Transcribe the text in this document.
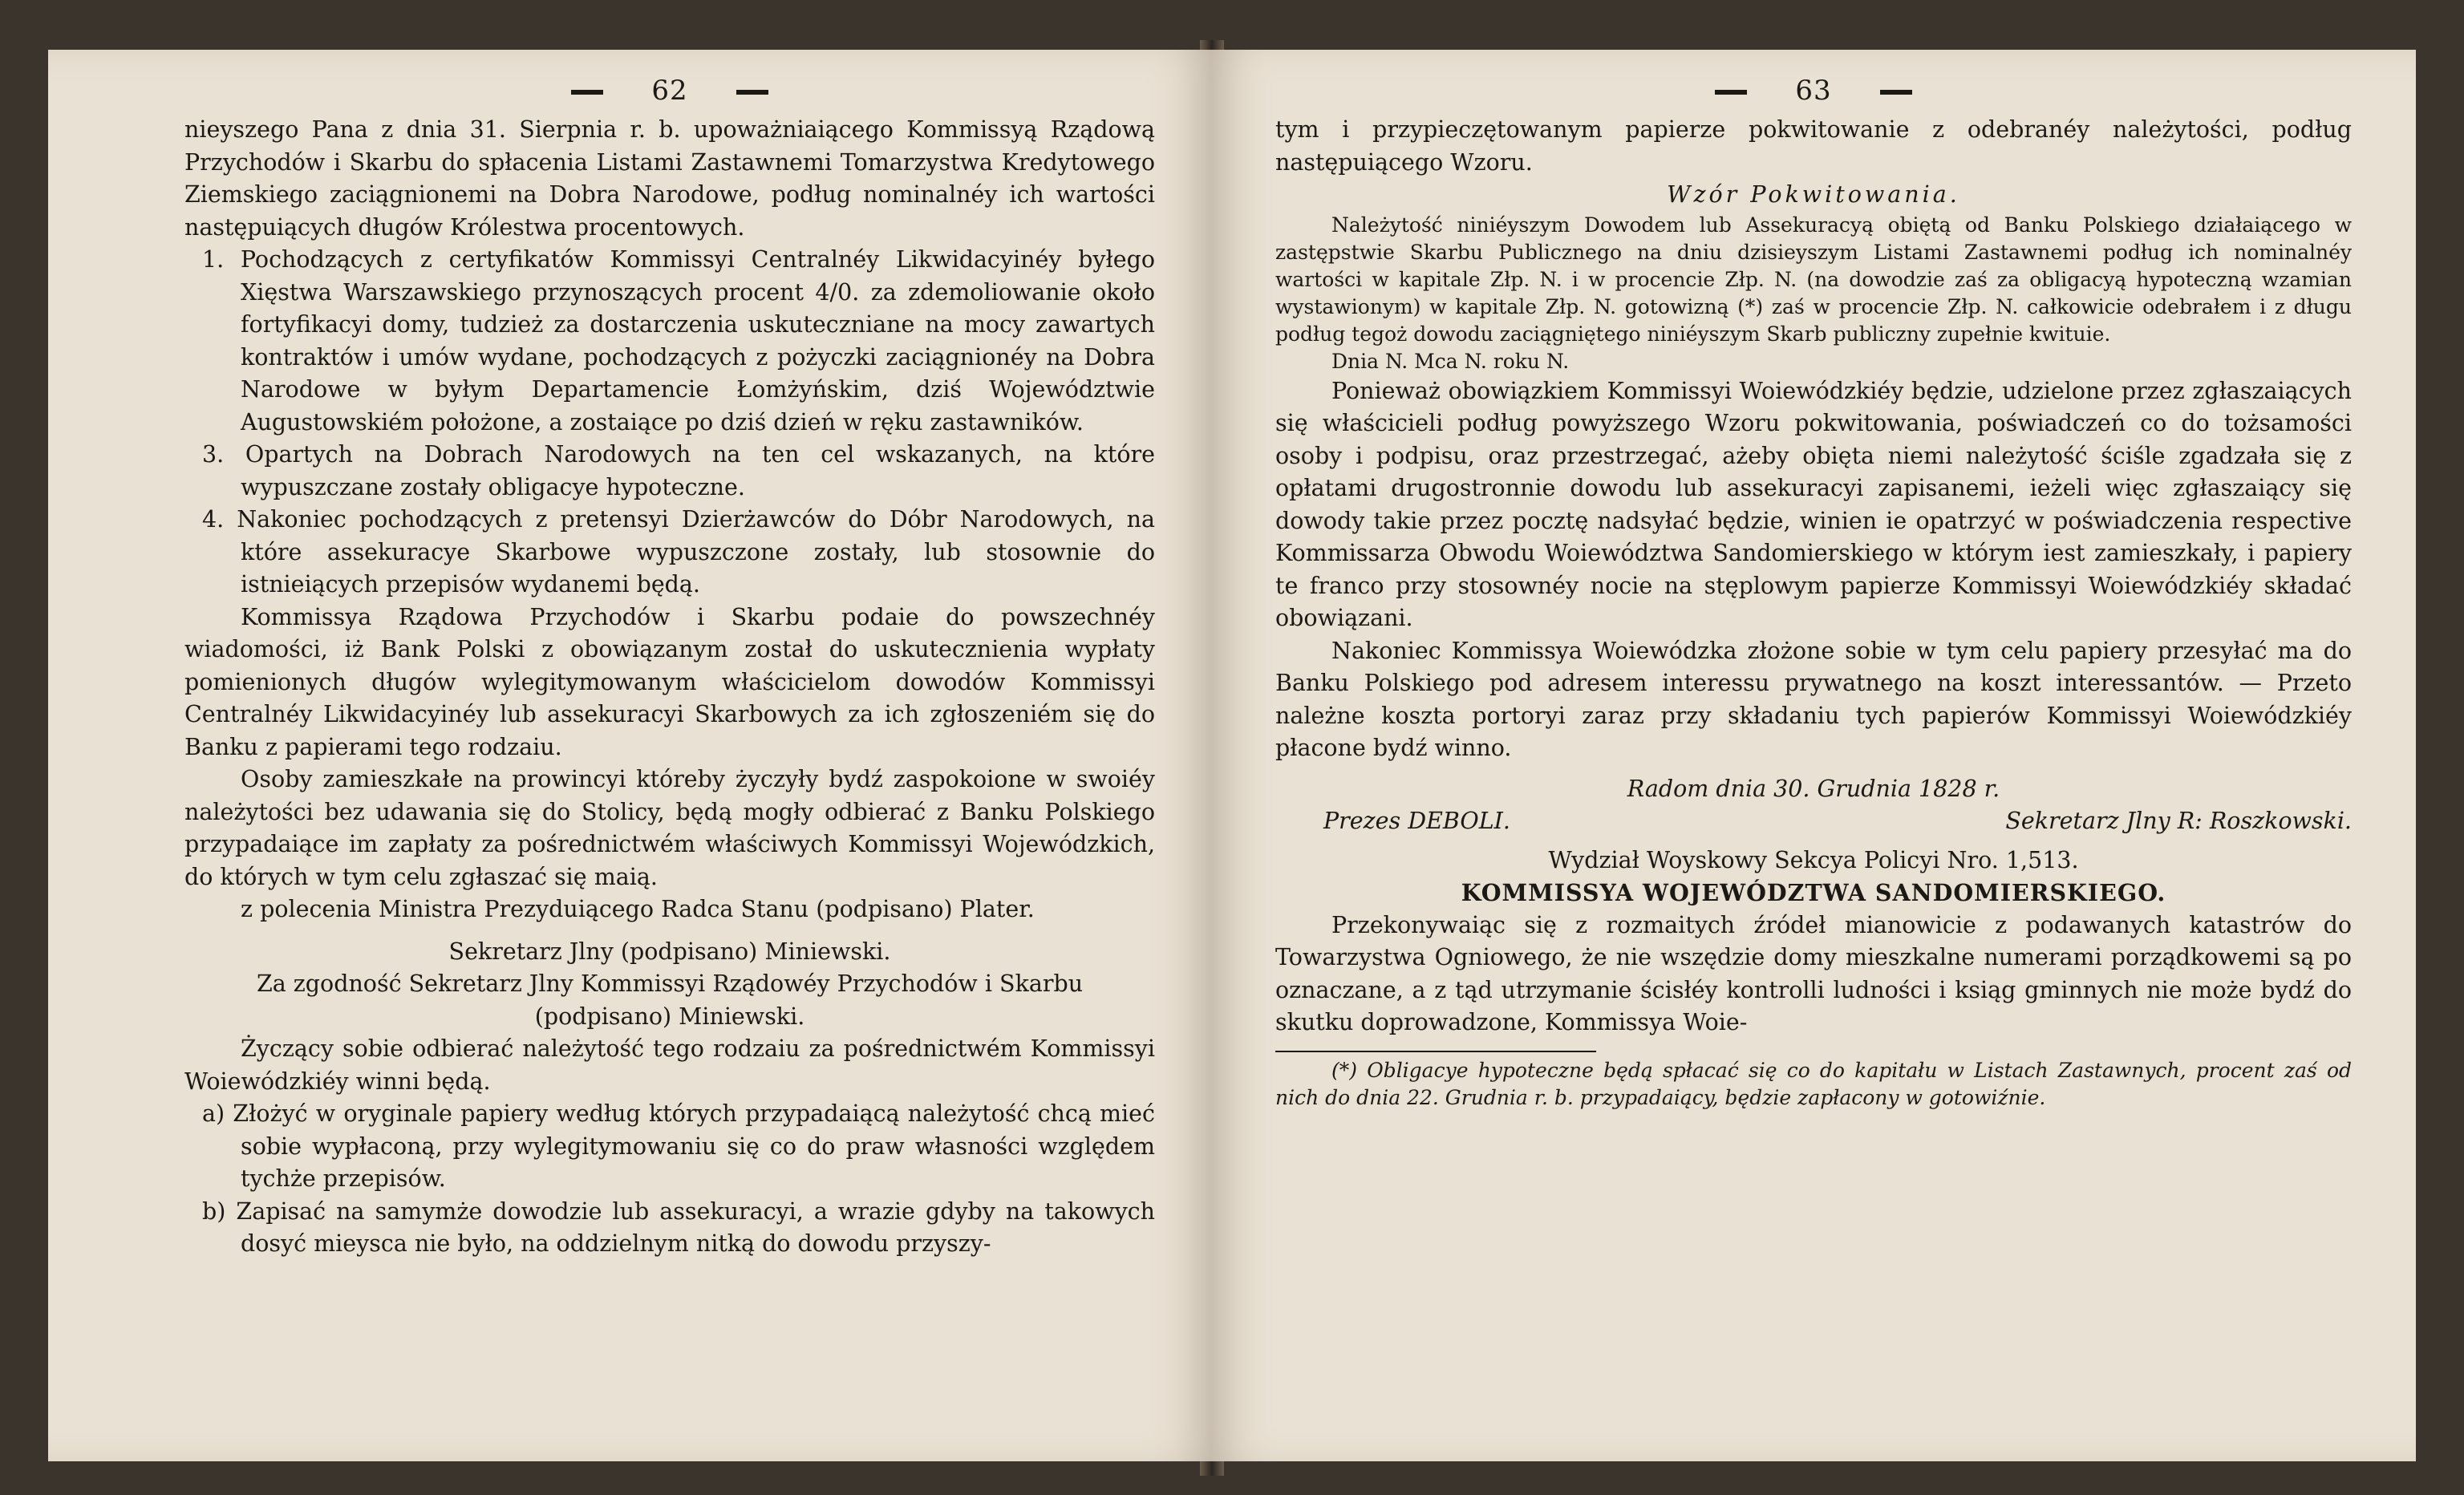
62

nieyszego Pana z dnia 31. Sierpnia r. b. upoważniaiącego Kommissyą Rządową Przychodów i Skarbu do spłacenia Listami Zastawnemi Tomarzystwa Kredytowego Ziemskiego zaciągnionemi na Dobra Narodowe, podług nominalnéy ich wartości następuiących długów Królestwa procentowych.

1. Pochodzących z certyfikatów Kommissyi Centralnéy Likwidacyinéy byłego Xięstwa Warszawskiego przynoszących procent 4/0. za zdemoliowanie około fortyfikacyi domy, tudzież za dostarczenia uskuteczniane na mocy zawartych kontraktów i umów wydane, pochodzących z pożyczki zaciągnionéy na Dobra Narodowe w byłym Departamencie Łomżyńskim, dziś Województwie Augustowskiém położone, a zostaiące po dziś dzień w ręku zastawników.

3. Opartych na Dobrach Narodowych na ten cel wskazanych, na które wypuszczane zostały obligacye hypoteczne.

4. Nakoniec pochodzących z pretensyi Dzierżawców do Dóbr Narodowych, na które assekuracye Skarbowe wypuszczone zostały, lub stosownie do istnieiących przepisów wydanemi będą.

Kommissya Rządowa Przychodów i Skarbu podaie do powszechnéy wiadomości, iż Bank Polski z obowiązanym został do uskutecznienia wypłaty pomienionych długów wylegitymowanym właścicielom dowodów Kommissyi Centralnéy Likwidacyinéy lub assekuracyi Skarbowych za ich zgłoszeniém się do Banku z papierami tego rodzaiu.

Osoby zamieszkałe na prowincyi któreby życzyły bydź zaspokoione w swoiéy należytości bez udawania się do Stolicy, będą mogły odbierać z Banku Polskiego przypadaiące im zapłaty za pośrednictwém właściwych Kommissyi Wojewódzkich, do których w tym celu zgłaszać się maią.

z polecenia Ministra Prezyduiącego Radca Stanu (podpisano) Plater.

Sekretarz Jlny (podpisano) Miniewski.

Za zgodność Sekretarz Jlny Kommissyi Rządowéy Przychodów i Skarbu

(podpisano) Miniewski.

Życzący sobie odbierać należytość tego rodzaiu za pośrednictwém Kommissyi Woiewódzkiéy winni będą.

a) Złożyć w oryginale papiery według których przypadaiącą należytość chcą mieć sobie wypłaconą, przy wylegitymowaniu się co do praw własności względem tychże przepisów.

b) Zapisać na samymże dowodzie lub assekuracyi, a wrazie gdyby na takowych dosyć mieysca nie było, na oddzielnym nitką do dowodu przyszy-

63

tym i przypieczętowanym papierze pokwitowanie z odebranéy należytości, podług następuiącego Wzoru.

Wzór Pokwitowania.

Należytość niniéyszym Dowodem lub Assekuracyą obiętą od Banku Polskiego działaiącego w zastępstwie Skarbu Publicznego na dniu dzisieyszym Listami Zastawnemi podług ich nominalnéy wartości w kapitale Złp. N. i w procencie Złp. N. (na dowodzie zaś za obligacyą hypoteczną wzamian wystawionym) w kapitale Złp. N. gotowizną (*) zaś w procencie Złp. N. całkowicie odebrałem i z długu podług tegoż dowodu zaciągniętego niniéyszym Skarb publiczny zupełnie kwituie.

Dnia N. Mca N. roku N.

Ponieważ obowiązkiem Kommissyi Woiewódzkiéy będzie, udzielone przez zgłaszaiących się właścicieli podług powyższego Wzoru pokwitowania, poświadczeń co do tożsamości osoby i podpisu, oraz przestrzegać, ażeby obięta niemi należytość ściśle zgadzała się z opłatami drugostronnie dowodu lub assekuracyi zapisanemi, ieżeli więc zgłaszaiący się dowody takie przez pocztę nadsyłać będzie, winien ie opatrzyć w poświadczenia respective Kommissarza Obwodu Woiewództwa Sandomierskiego w którym iest zamieszkały, i papiery te franco przy stosownéy nocie na stęplowym papierze Kommissyi Woiewódzkiéy składać obowiązani.

Nakoniec Kommissya Woiewódzka złożone sobie w tym celu papiery przesyłać ma do Banku Polskiego pod adresem interessu prywatnego na koszt interessantów. — Przeto należne koszta portoryi zaraz przy składaniu tych papierów Kommissyi Woiewódzkiéy płacone bydź winno.

Radom dnia 30. Grudnia 1828 r.

Prezes DEBOLI.	Sekretarz Jlny R: Roszkowski.

Wydział Woyskowy Sekcya Policyi Nro. 1,513.

KOMMISSYA WOJEWÓDZTWA SANDOMIERSKIEGO.

Przekonywaiąc się z rozmaitych źródeł mianowicie z podawanych katastrów do Towarzystwa Ogniowego, że nie wszędzie domy mieszkalne numerami porządkowemi są po oznaczane, a z tąd utrzymanie ścisłéy kontrolli ludności i ksiąg gminnych nie może bydź do skutku doprowadzone, Kommissya Woie-

(*) Obligacye hypoteczne będą spłacać się co do kapitału w Listach Zastawnych, procent zaś od nich do dnia 22. Grudnia r. b. przypadaiący, będzie zapłacony w gotowiźnie.
